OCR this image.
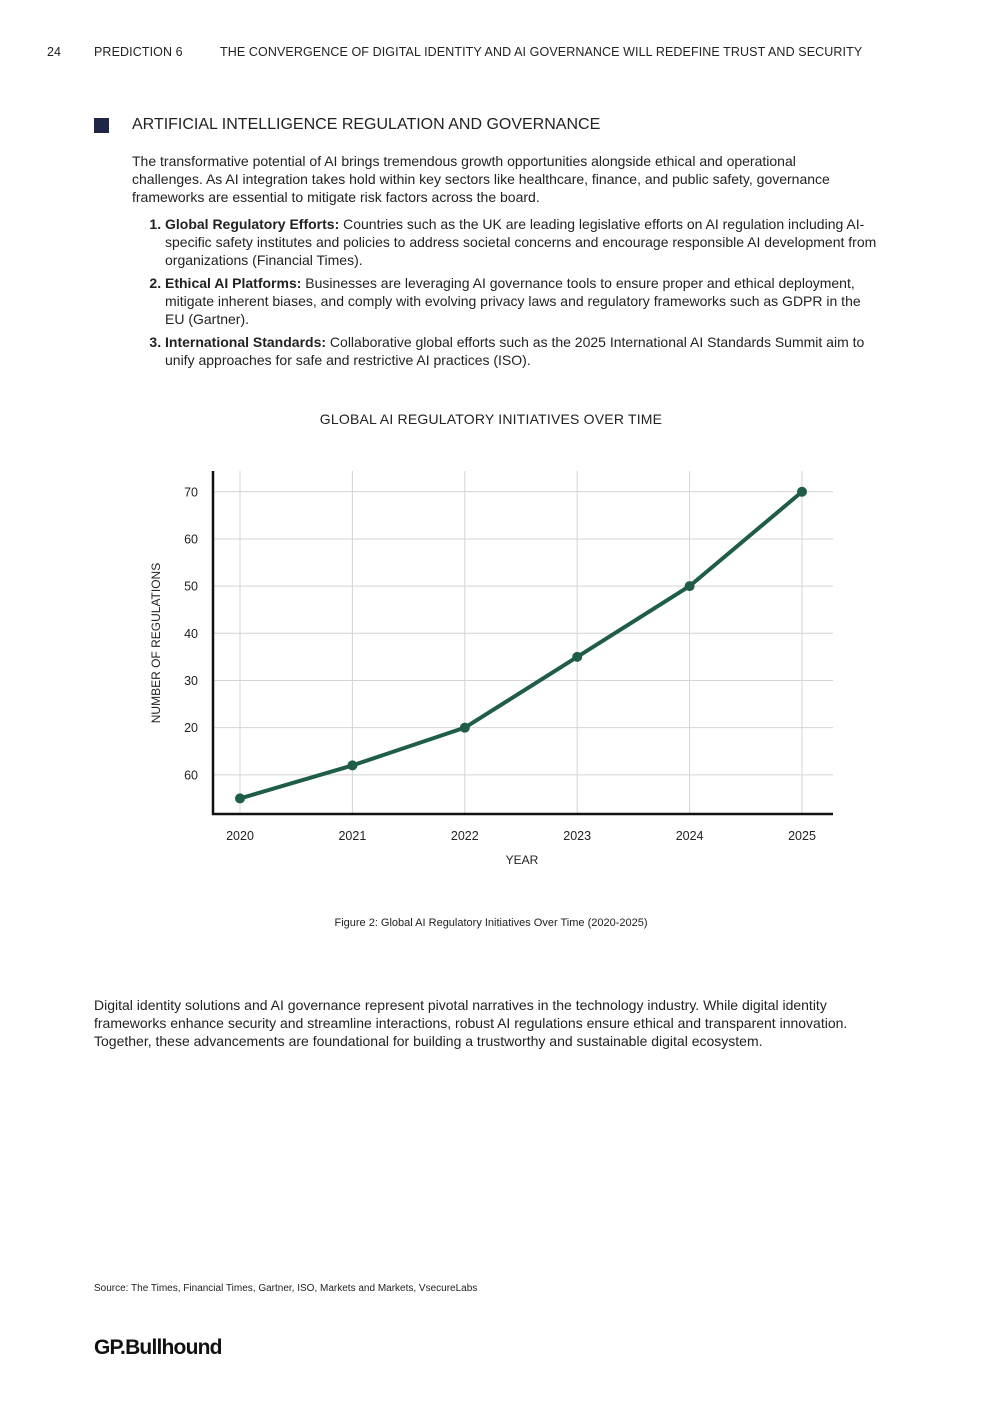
24	PREDICTION 6	THE CONVERGENCE OF DIGITAL IDENTITY AND AI GOVERNANCE WILL REDEFINE TRUST AND SECURITY
ARTIFICIAL INTELLIGENCE REGULATION AND GOVERNANCE
The transformative potential of AI brings tremendous growth opportunities alongside ethical and operational challenges. As AI integration takes hold within key sectors like healthcare, finance, and public safety, governance frameworks are essential to mitigate risk factors across the board.
1. Global Regulatory Efforts: Countries such as the UK are leading legislative efforts on AI regulation including AI-specific safety institutes and policies to address societal concerns and encourage responsible AI development from organizations (Financial Times).
2. Ethical AI Platforms: Businesses are leveraging AI governance tools to ensure proper and ethical deployment, mitigate inherent biases, and comply with evolving privacy laws and regulatory frameworks such as GDPR in the EU (Gartner).
3. International Standards: Collaborative global efforts such as the 2025 International AI Standards Summit aim to unify approaches for safe and restrictive AI practices (ISO).
GLOBAL AI REGULATORY INITIATIVES OVER TIME
60
20
30
40
50
60
70
2020	2021	2022	2023	2024	2025
YEAR
NUMBER OF REGULATIONS
Figure 2: Global AI Regulatory Initiatives Over Time (2020-2025)
Digital identity solutions and AI governance represent pivotal narratives in the technology industry. While digital identity frameworks enhance security and streamline interactions, robust AI regulations ensure ethical and transparent innovation. Together, these advancements are foundational for building a trustworthy and sustainable digital ecosystem.
Source: The Times, Financial Times, Gartner, ISO, Markets and Markets, VsecureLabs
GP.Bullhound
